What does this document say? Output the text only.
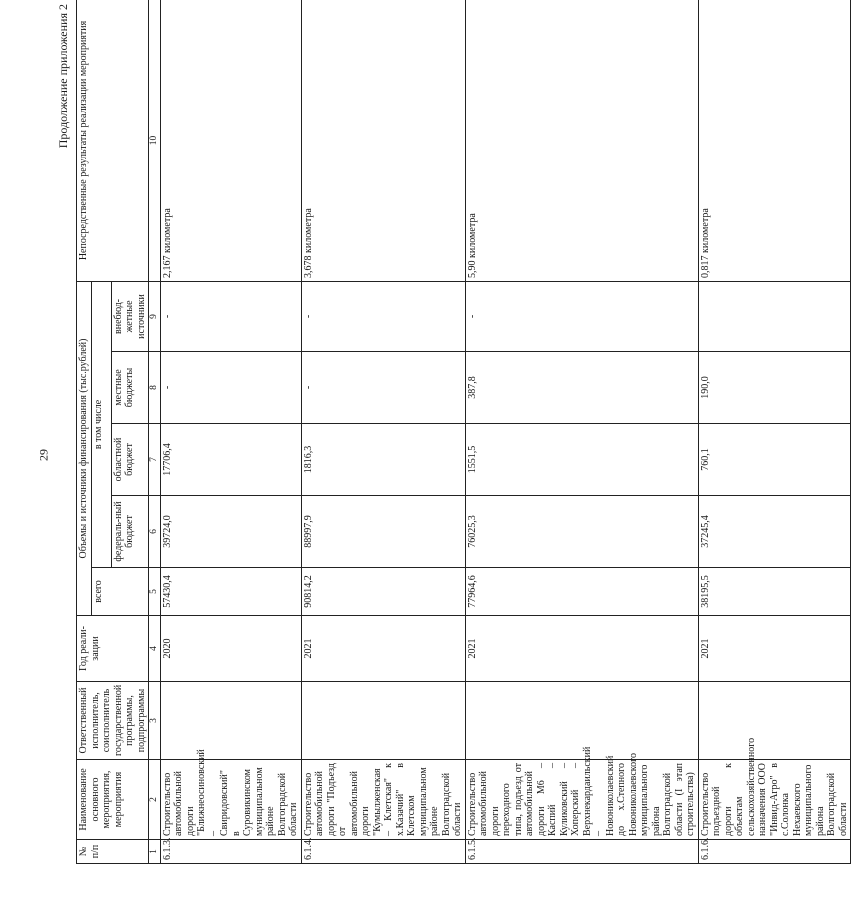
29
Продолжение приложения 2
№ п/п	Наименование основного мероприятия, мероприятия	Ответственный исполнитель, соисполнитель государственной программы, подпрограммы	Год реали-зации	Объемы и источники финансирования (тыс.рублей)					Непосредственные результаты реализации мероприятия
				всего	в том числе				
					федераль-ный бюджет	областной бюджет	местные бюджеты	внебюд-жетные источники	
1	2	3	4	5	6	7	8	9	10
6.1.3.	Строительство автомобильной дороги "Ближнеосиновский – Свиридовский" в Суровикинском муниципальном районе Волгоградской области		2020	57430,4	39724,0	17706,4	-	-	2,167 километра
6.1.4.	Строительство автомобильной дороги "Подъезд от автомобильной дороги "Кумылженская – Клетская" к х.Казачий" в Клетском муниципальном районе Волгоградской области		2021	90814,2	88997,9	1816,3	-	-	3,678 километра
6.1.5.	Строительство автомобильной дороги переходного типа, подъезд от автомобильной дороги М6 – Каспий – Куликовский – Хоперский – Верхнекардаильский – Новониколаевский до х.Степного Новониколаевского муниципального района Волгоградской области (I этап строительства)		2021	77964,6	76025,3	1551,5	387,8	-	5,90 километра
6.1.6.	Строительство подъездной дороги к объектам сельскохозяйственного назначения ООО "Инвид-Агро" в с.Солонка Нехаевского муниципального района Волгоградской области		2021	38195,5	37245,4	760,1	190,0		0,817 километра
